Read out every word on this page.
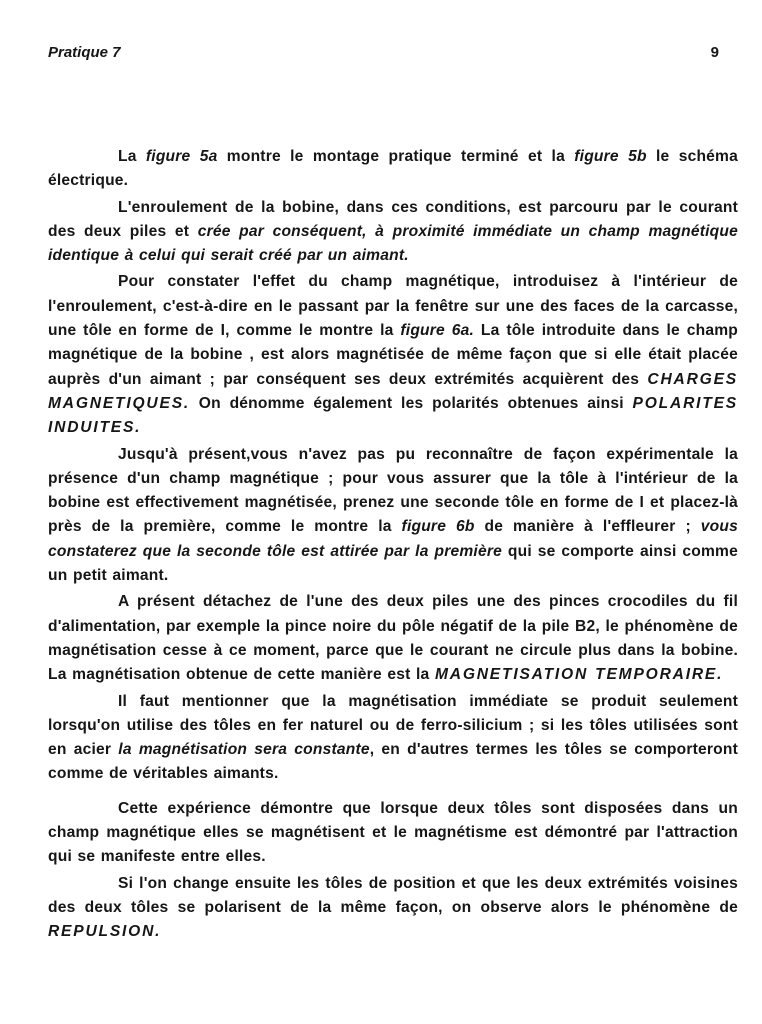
Pratique 7	9

La figure 5a montre le montage pratique terminé et la figure 5b le schéma électrique.

L'enroulement de la bobine, dans ces conditions, est parcouru par le courant des deux piles et crée par conséquent, à proximité immédiate un champ magnétique identique à celui qui serait créé par un aimant.

Pour constater l'effet du champ magnétique, introduisez à l'intérieur de l'enroulement, c'est-à-dire en le passant par la fenêtre sur une des faces de la carcasse, une tôle en forme de I, comme le montre la figure 6a. La tôle introduite dans le champ magnétique de la bobine , est alors magnétisée de même façon que si elle était placée auprès d'un aimant ; par conséquent ses deux extrémités acquièrent des CHARGES MAGNETIQUES. On dénomme également les polarités obtenues ainsi POLARITES INDUITES.

Jusqu'à présent,vous n'avez pas pu reconnaître de façon expérimentale la présence d'un champ magnétique ; pour vous assurer que la tôle à l'intérieur de la bobine est effectivement magnétisée, prenez une seconde tôle en forme de I et placez-là près de la première, comme le montre la figure 6b de manière à l'effleurer ; vous constaterez que la seconde tôle est attirée par la première qui se comporte ainsi comme un petit aimant.

A présent détachez de l'une des deux piles une des pinces crocodiles du fil d'alimentation, par exemple la pince noire du pôle négatif de la pile B2, le phénomène de magnétisation cesse à ce moment, parce que le courant ne circule plus dans la bobine. La magnétisation obtenue de cette manière est la MAGNETISATION TEMPORAIRE.

Il faut mentionner que la magnétisation immédiate se produit seulement lorsqu'on utilise des tôles en fer naturel ou de ferro-silicium ; si les tôles utilisées sont en acier la magnétisation sera constante, en d'autres termes les tôles se comporteront comme de véritables aimants.

Cette expérience démontre que lorsque deux tôles sont disposées dans un champ magnétique elles se magnétisent et le magnétisme est démontré par l'attraction qui se manifeste entre elles.

Si l'on change ensuite les tôles de position et que les deux extrémités voisines des deux tôles se polarisent de la même façon, on observe alors le phénomène de REPULSION.
